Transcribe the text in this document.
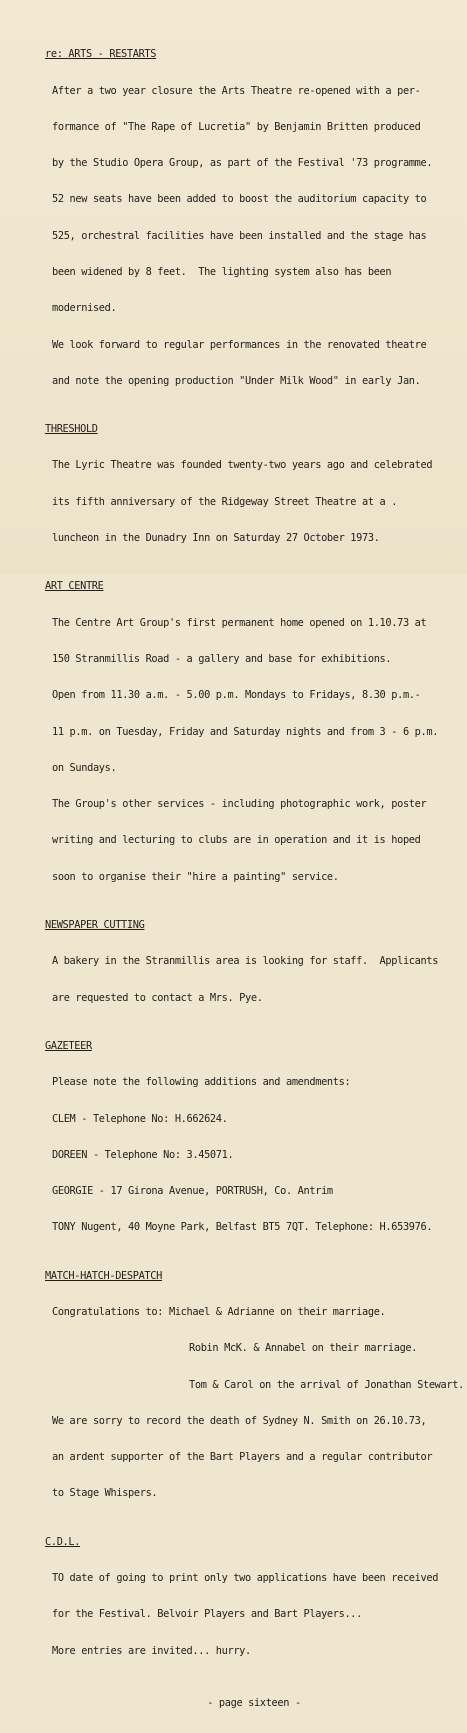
re: ARTS - RESTARTS

After a two year closure the Arts Theatre re-opened with a per-

formance of "The Rape of Lucretia" by Benjamin Britten produced

by the Studio Opera Group, as part of the Festival '73 programme.

52 new seats have been added to boost the auditorium capacity to

525, orchestral facilities have been installed and the stage has

been widened by 8 feet.  The lighting system also has been

modernised.

We look forward to regular performances in the renovated theatre

and note the opening production "Under Milk Wood" in early Jan.

THRESHOLD

The Lyric Theatre was founded twenty-two years ago and celebrated

its fifth anniversary of the Ridgeway Street Theatre at a .

luncheon in the Dunadry Inn on Saturday 27 October 1973.

ART CENTRE

The Centre Art Group's first permanent home opened on 1.10.73 at

150 Stranmillis Road - a gallery and base for exhibitions.

Open from 11.30 a.m. - 5.00 p.m. Mondays to Fridays, 8.30 p.m.-

11 p.m. on Tuesday, Friday and Saturday nights and from 3 - 6 p.m.

on Sundays.

The Group's other services - including photographic work, poster

writing and lecturing to clubs are in operation and it is hoped

soon to organise their "hire a painting" service.

NEWSPAPER CUTTING

A bakery in the Stranmillis area is looking for staff.  Applicants

are requested to contact a Mrs. Pye.

GAZETEER

Please note the following additions and amendments:

CLEM - Telephone No: H.662624.

DOREEN - Telephone No: 3.45071.

GEORGIE - 17 Girona Avenue, PORTRUSH, Co. Antrim

TONY Nugent, 40 Moyne Park, Belfast BT5 7QT. Telephone: H.653976.

MATCH-HATCH-DESPATCH

Congratulations to: Michael & Adrianne on their marriage.

Robin McK. & Annabel on their marriage.

Tom & Carol on the arrival of Jonathan Stewart.

We are sorry to record the death of Sydney N. Smith on 26.10.73,

an ardent supporter of the Bart Players and a regular contributor

to Stage Whispers.

C.D.L.

TO date of going to print only two applications have been received

for the Festival. Belvoir Players and Bart Players...

More entries are invited... hurry.

- page sixteen -
